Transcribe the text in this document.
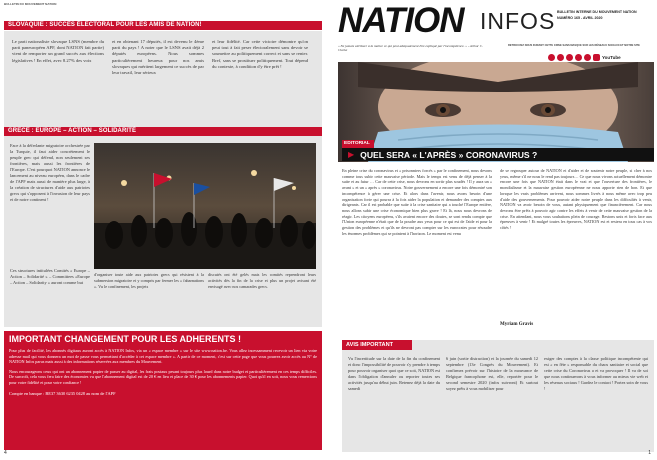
BULLETIN DU MOUVEMENT NATION
SLOVAQUIE : SUCCÈS ÉLECTORAL POUR LES AMIS DE NATION!
Le parti nationaliste slovaque LSNS (membre du parti paneuropéen APF, dont NATION fait partie) vient de remporter un grand succès aux élections législatives ! En effet, avec 8.27% des voix
et en obtenant 17 députés, il est devenu le 4ème parti du pays ! A noter que le LSNS avait déjà 2 députés européens. Nous sommes particulièrement heureux pour nos amis slovaques qui méritent largement ce succès de par leur travail, leur sérieux
et leur fidélité. Car cette victoire démontre qu'on peut tout à fait peser électoralement sans devoir se soumettre au politiquement correct et sans se renier. Bref, sans se prostituer politiquement. Tout dépend du contexte, à condition d'y être prêt !
GRECE : EUROPE – ACTION – SOLIDARITÉ
Face à la déferlante migratoire orchestrée par la Turquie, il faut aider concrètement le peuple grec qui défend, non seulement ses frontières, mais aussi les frontières de l'Europe. C'est pourquoi NATION annonce le lancement au niveau européen, dans le cadre de l'APF mais aussi de manière plus large, à la création de structures d'aide aux patriotes grecs qui s'opposent à l'invasion de leur pays et de notre continent !
Ces structures intitulées Comités « Europe – Action – Solidarité » – Committees «Europe – Action – Solidarity » auront comme but
d'organiser toute aide aux patriotes grecs qui résistent à la submersion migratoire et y compris par fermer les « fabarnations ». Vu le confinement, les projets
discutés ont été gelés mais les comités reprendront leurs activités dès la fin de la crise et plus un projet avisant été envisagé avec nos camarades grecs.
IMPORTANT CHANGEMENT POUR LES ADHERENTS !
Pour plus de facilité, les abonnés digitaux auront accès à NATION Infos, via un « espace membre » sur le site www.nation.be. Vous allez incessamment recevoir un lien via votre adresse mail qui vous donnera un mot de passe vous permettant d'accéder à cet espace membre ». A partir de ce moment, c'est sur cette page que vous pourrez avoir accès au N° de NATION Infos parus mais aussi à des informations réservées aux membres du Mouvement.
Nous encourageons ceux qui ont un abonnement papier de passer au digital, les frais postaux pesant toujours plus lourd dans notre budget et particulièrement en ces temps difficiles. De surcroît, cela vous fera faire des économies vu que l'abonnement digital est de 20 € en lieu et place de 30 € pour les abonnements papier. Quoi qu'il en soit, nous vous remercions pour votre fidélité et pour votre confiance !
Compte en banque : BE37 3630 6235 0428 au nom de l'APF
4
NATION INFOS
« Ne jamais attribuer à la malice ce qui peut adéquatement être expliqué par l'incompétence. » - Arthur C. Clarke
BULLETIN INTERNE DU MOUVEMENT NATION
NUMÉRO 165 - AVRIL 2020
RETROUVEZ NOUS DURANT CETTE CRISE SANS MASQUE SUR LES RÉSEAUX SOCIAUX ET NOTRE SITE
YouTube
EDITORIAL
▶ QUEL SERA « L'APRÈS » CORONAVIRUS ?
En pleine crise du coronavirus et « prisonniers forcés » par le confinement, nous devons comme tous subir cette mauvaise période. Mais le temps est venu de déjà penser à la suite et au futur … Car de cette crise, nous devrons en sortir plus soudés ! Il y aura un « avant » et un « après » coronavirus. Notre gouvernement a encore une fois démontré son incompétence à gérer une crise. Et alors dans l'avenir, nous avons besoin d'une organisation forte qui pourra à la fois aider la population et demander des comptes aux dirigeants. Car il est probable que suite à la crise sanitaire qui a touché l'Europe entière, nous allons subir une crise économique bien plus grave ! Et là, nous nous devrons de réagir. Les citoyens européens, s'ils avaient encore des doutes, se sont rendu compte que l'Union européenne n'était que de la poudre aux yeux pour ce qui est de l'aide et pour la gestion des problèmes et qu'ils ne devront pas compter sur les eurocrates pour résoudre les énormes problèmes qui se pointent à l'horizon. Le moment est venu
de se regrouper autour de NATION et d'aider et de soutenir notre peuple, si cher à nos yeux, même s'il ne nous le rend pas toujours… Ce que nous vivons actuellement démontre encore une fois que NATION était dans le vrai et que l'ouverture des frontières, le mondialisme et la mauvaise gestion européenne ne nous apporte rien de bon. Et que lorsque les vrais problèmes arrivent, nous sommes livrés à nous même avec trop peu d'aide des gouvernements. Pour pouvoir aider notre peuple dans les difficultés à venir, NATION va avoir besoin de vous, autant physiquement que financièrement. Car nous devrons être prêts à pouvoir agir contre les effets à venir de cette mauvaise gestion de la crise. En attendant, nous vous souhaitons plein de courage. Restons unis et forts face aux épreuves à venir ! Et malgré toutes les épreuves, NATION est et restera en tous cas à vos côtés !
Myriam Gravis
AVIS IMPORTANT
Vu l'incertitude sur la date de la fin du confinement et donc l'impossibilité de pouvoir s'y prendre à temps pour pouvoir organiser quoi que ce soit, NATION est dans l'obligation d'annuler ou reporter toutes ses activités jusqu'au début juin. Retenez déjà la date du samedi
6 juin (sortie distraction) et la journée du samedi 12 septembre (13e Congrès du Mouvement). Et confirmez prévoir sur l'histoire de la mouvance de Belgique francophone est, elle, reportée pour le second semestre 2020 (infos suivront) Et surtout soyez prêts à vous mobiliser pour
exiger des comptes à la classe politique incompétente qui est « en fête » responsable du chaos sanitaire et social que cette crise du Coronavirus a et va provoquer ! Il va de soi que nous continuerons à vous informer au mieux vie web et les réseaux sociaux ! Gardez le contact ! Portez soin de vous !
1
